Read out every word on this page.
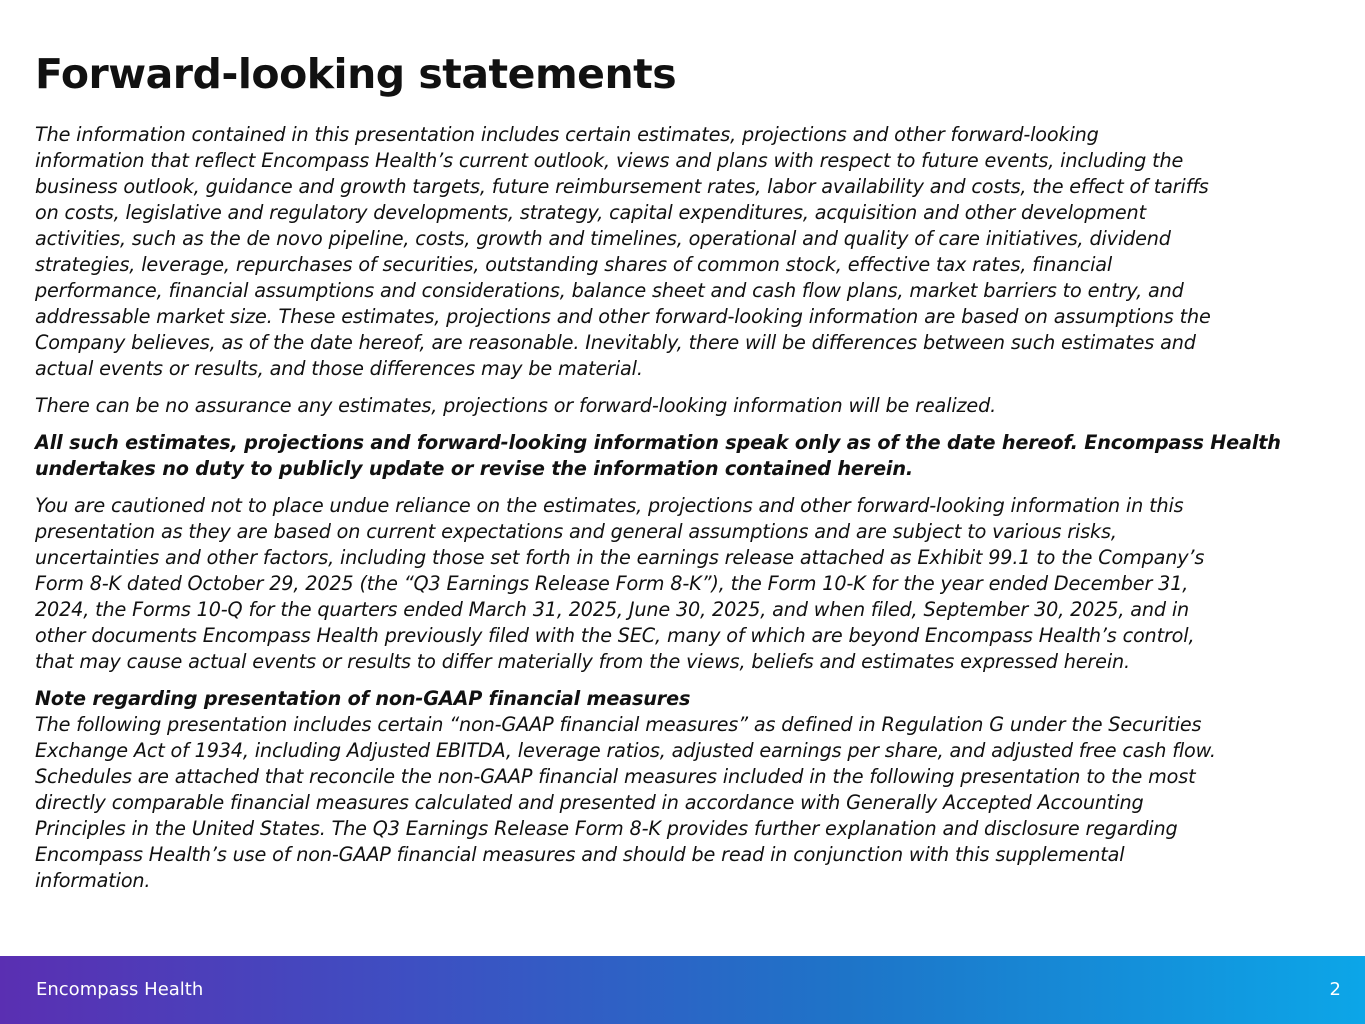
Forward-looking statements

The information contained in this presentation includes certain estimates, projections and other forward-looking
information that reflect Encompass Health’s current outlook, views and plans with respect to future events, including the
business outlook, guidance and growth targets, future reimbursement rates, labor availability and costs, the effect of tariffs
on costs, legislative and regulatory developments, strategy, capital expenditures, acquisition and other development
activities, such as the de novo pipeline, costs, growth and timelines, operational and quality of care initiatives, dividend
strategies, leverage, repurchases of securities, outstanding shares of common stock, effective tax rates, financial
performance, financial assumptions and considerations, balance sheet and cash flow plans, market barriers to entry, and
addressable market size. These estimates, projections and other forward-looking information are based on assumptions the
Company believes, as of the date hereof, are reasonable. Inevitably, there will be differences between such estimates and
actual events or results, and those differences may be material.

There can be no assurance any estimates, projections or forward-looking information will be realized.

All such estimates, projections and forward-looking information speak only as of the date hereof. Encompass Health
undertakes no duty to publicly update or revise the information contained herein.

You are cautioned not to place undue reliance on the estimates, projections and other forward-looking information in this
presentation as they are based on current expectations and general assumptions and are subject to various risks,
uncertainties and other factors, including those set forth in the earnings release attached as Exhibit 99.1 to the Company’s
Form 8-K dated October 29, 2025 (the “Q3 Earnings Release Form 8-K”), the Form 10-K for the year ended December 31,
2024, the Forms 10-Q for the quarters ended March 31, 2025, June 30, 2025, and when filed, September 30, 2025, and in
other documents Encompass Health previously filed with the SEC, many of which are beyond Encompass Health’s control,
that may cause actual events or results to differ materially from the views, beliefs and estimates expressed herein.

Note regarding presentation of non-GAAP financial measures
The following presentation includes certain “non-GAAP financial measures” as defined in Regulation G under the Securities
Exchange Act of 1934, including Adjusted EBITDA, leverage ratios, adjusted earnings per share, and adjusted free cash flow.
Schedules are attached that reconcile the non-GAAP financial measures included in the following presentation to the most
directly comparable financial measures calculated and presented in accordance with Generally Accepted Accounting
Principles in the United States. The Q3 Earnings Release Form 8-K provides further explanation and disclosure regarding
Encompass Health’s use of non-GAAP financial measures and should be read in conjunction with this supplemental
information.

Encompass Health	2
